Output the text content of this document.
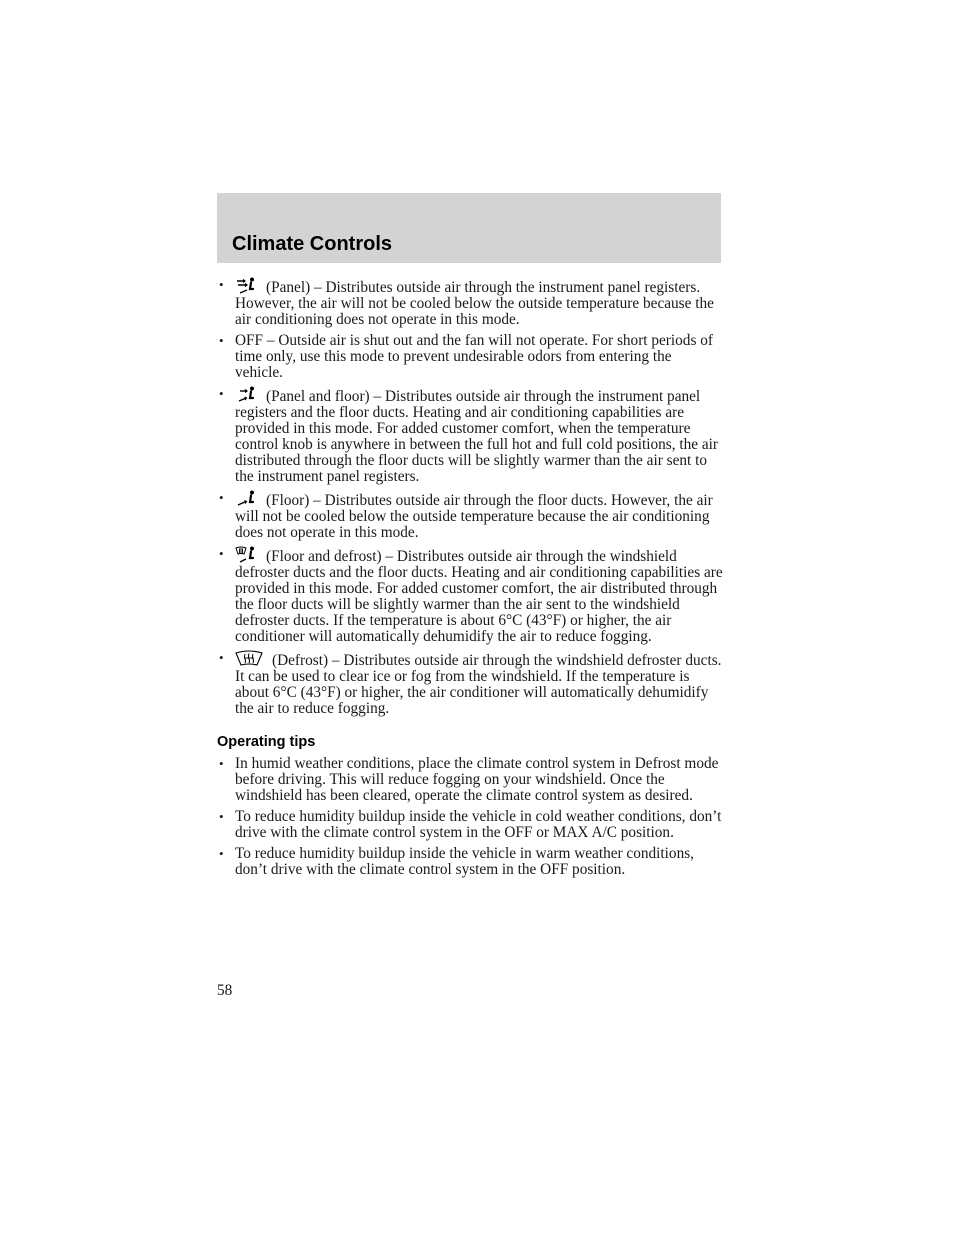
Climate Controls
•	(Panel) – Distributes outside air through the instrument panel registers. However, the air will not be cooled below the outside temperature because the air conditioning does not operate in this mode.
• OFF – Outside air is shut out and the fan will not operate. For short periods of time only, use this mode to prevent undesirable odors from entering the vehicle.
•	(Panel and floor) – Distributes outside air through the instrument panel registers and the floor ducts. Heating and air conditioning capabilities are provided in this mode. For added customer comfort, when the temperature control knob is anywhere in between the full hot and full cold positions, the air distributed through the floor ducts will be slightly warmer than the air sent to the instrument panel registers.
•	(Floor) – Distributes outside air through the floor ducts. However, the air will not be cooled below the outside temperature because the air conditioning does not operate in this mode.
•	(Floor and defrost) – Distributes outside air through the windshield defroster ducts and the floor ducts. Heating and air conditioning capabilities are provided in this mode. For added customer comfort, the air distributed through the floor ducts will be slightly warmer than the air sent to the windshield defroster ducts. If the temperature is about 6°C (43°F) or higher, the air conditioner will automatically dehumidify the air to reduce fogging.
•	(Defrost) – Distributes outside air through the windshield defroster ducts. It can be used to clear ice or fog from the windshield. If the temperature is about 6°C (43°F) or higher, the air conditioner will automatically dehumidify the air to reduce fogging.
Operating tips
• In humid weather conditions, place the climate control system in Defrost mode before driving. This will reduce fogging on your windshield. Once the windshield has been cleared, operate the climate control system as desired.
• To reduce humidity buildup inside the vehicle in cold weather conditions, don’t drive with the climate control system in the OFF or MAX A/C position.
• To reduce humidity buildup inside the vehicle in warm weather conditions, don’t drive with the climate control system in the OFF position.
58
